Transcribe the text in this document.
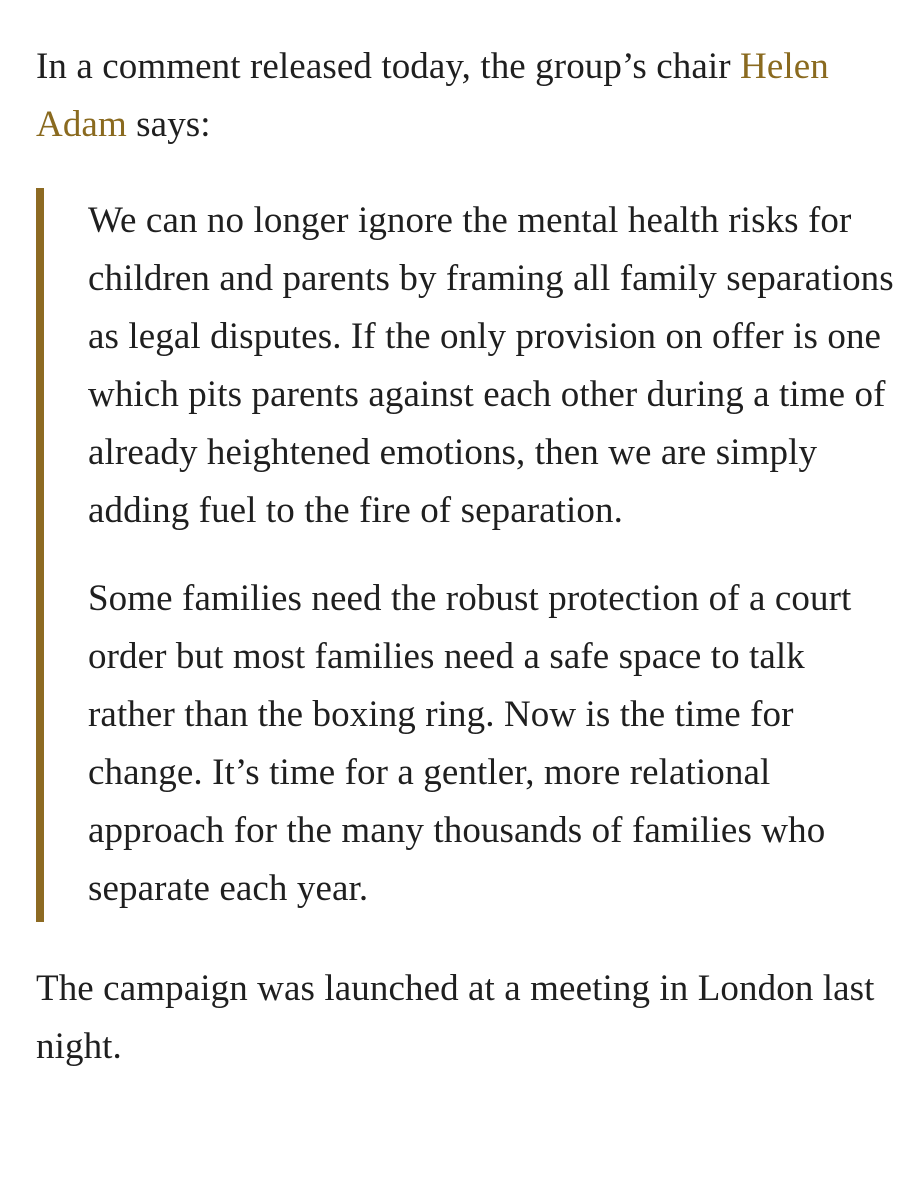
In a comment released today, the group’s chair Helen Adam says:

We can no longer ignore the mental health risks for children and parents by framing all family separations as legal disputes. If the only provision on offer is one which pits parents against each other during a time of already heightened emotions, then we are simply adding fuel to the fire of separation.

Some families need the robust protection of a court order but most families need a safe space to talk rather than the boxing ring. Now is the time for change. It’s time for a gentler, more relational approach for the many thousands of families who separate each year.

The campaign was launched at a meeting in London last night.
